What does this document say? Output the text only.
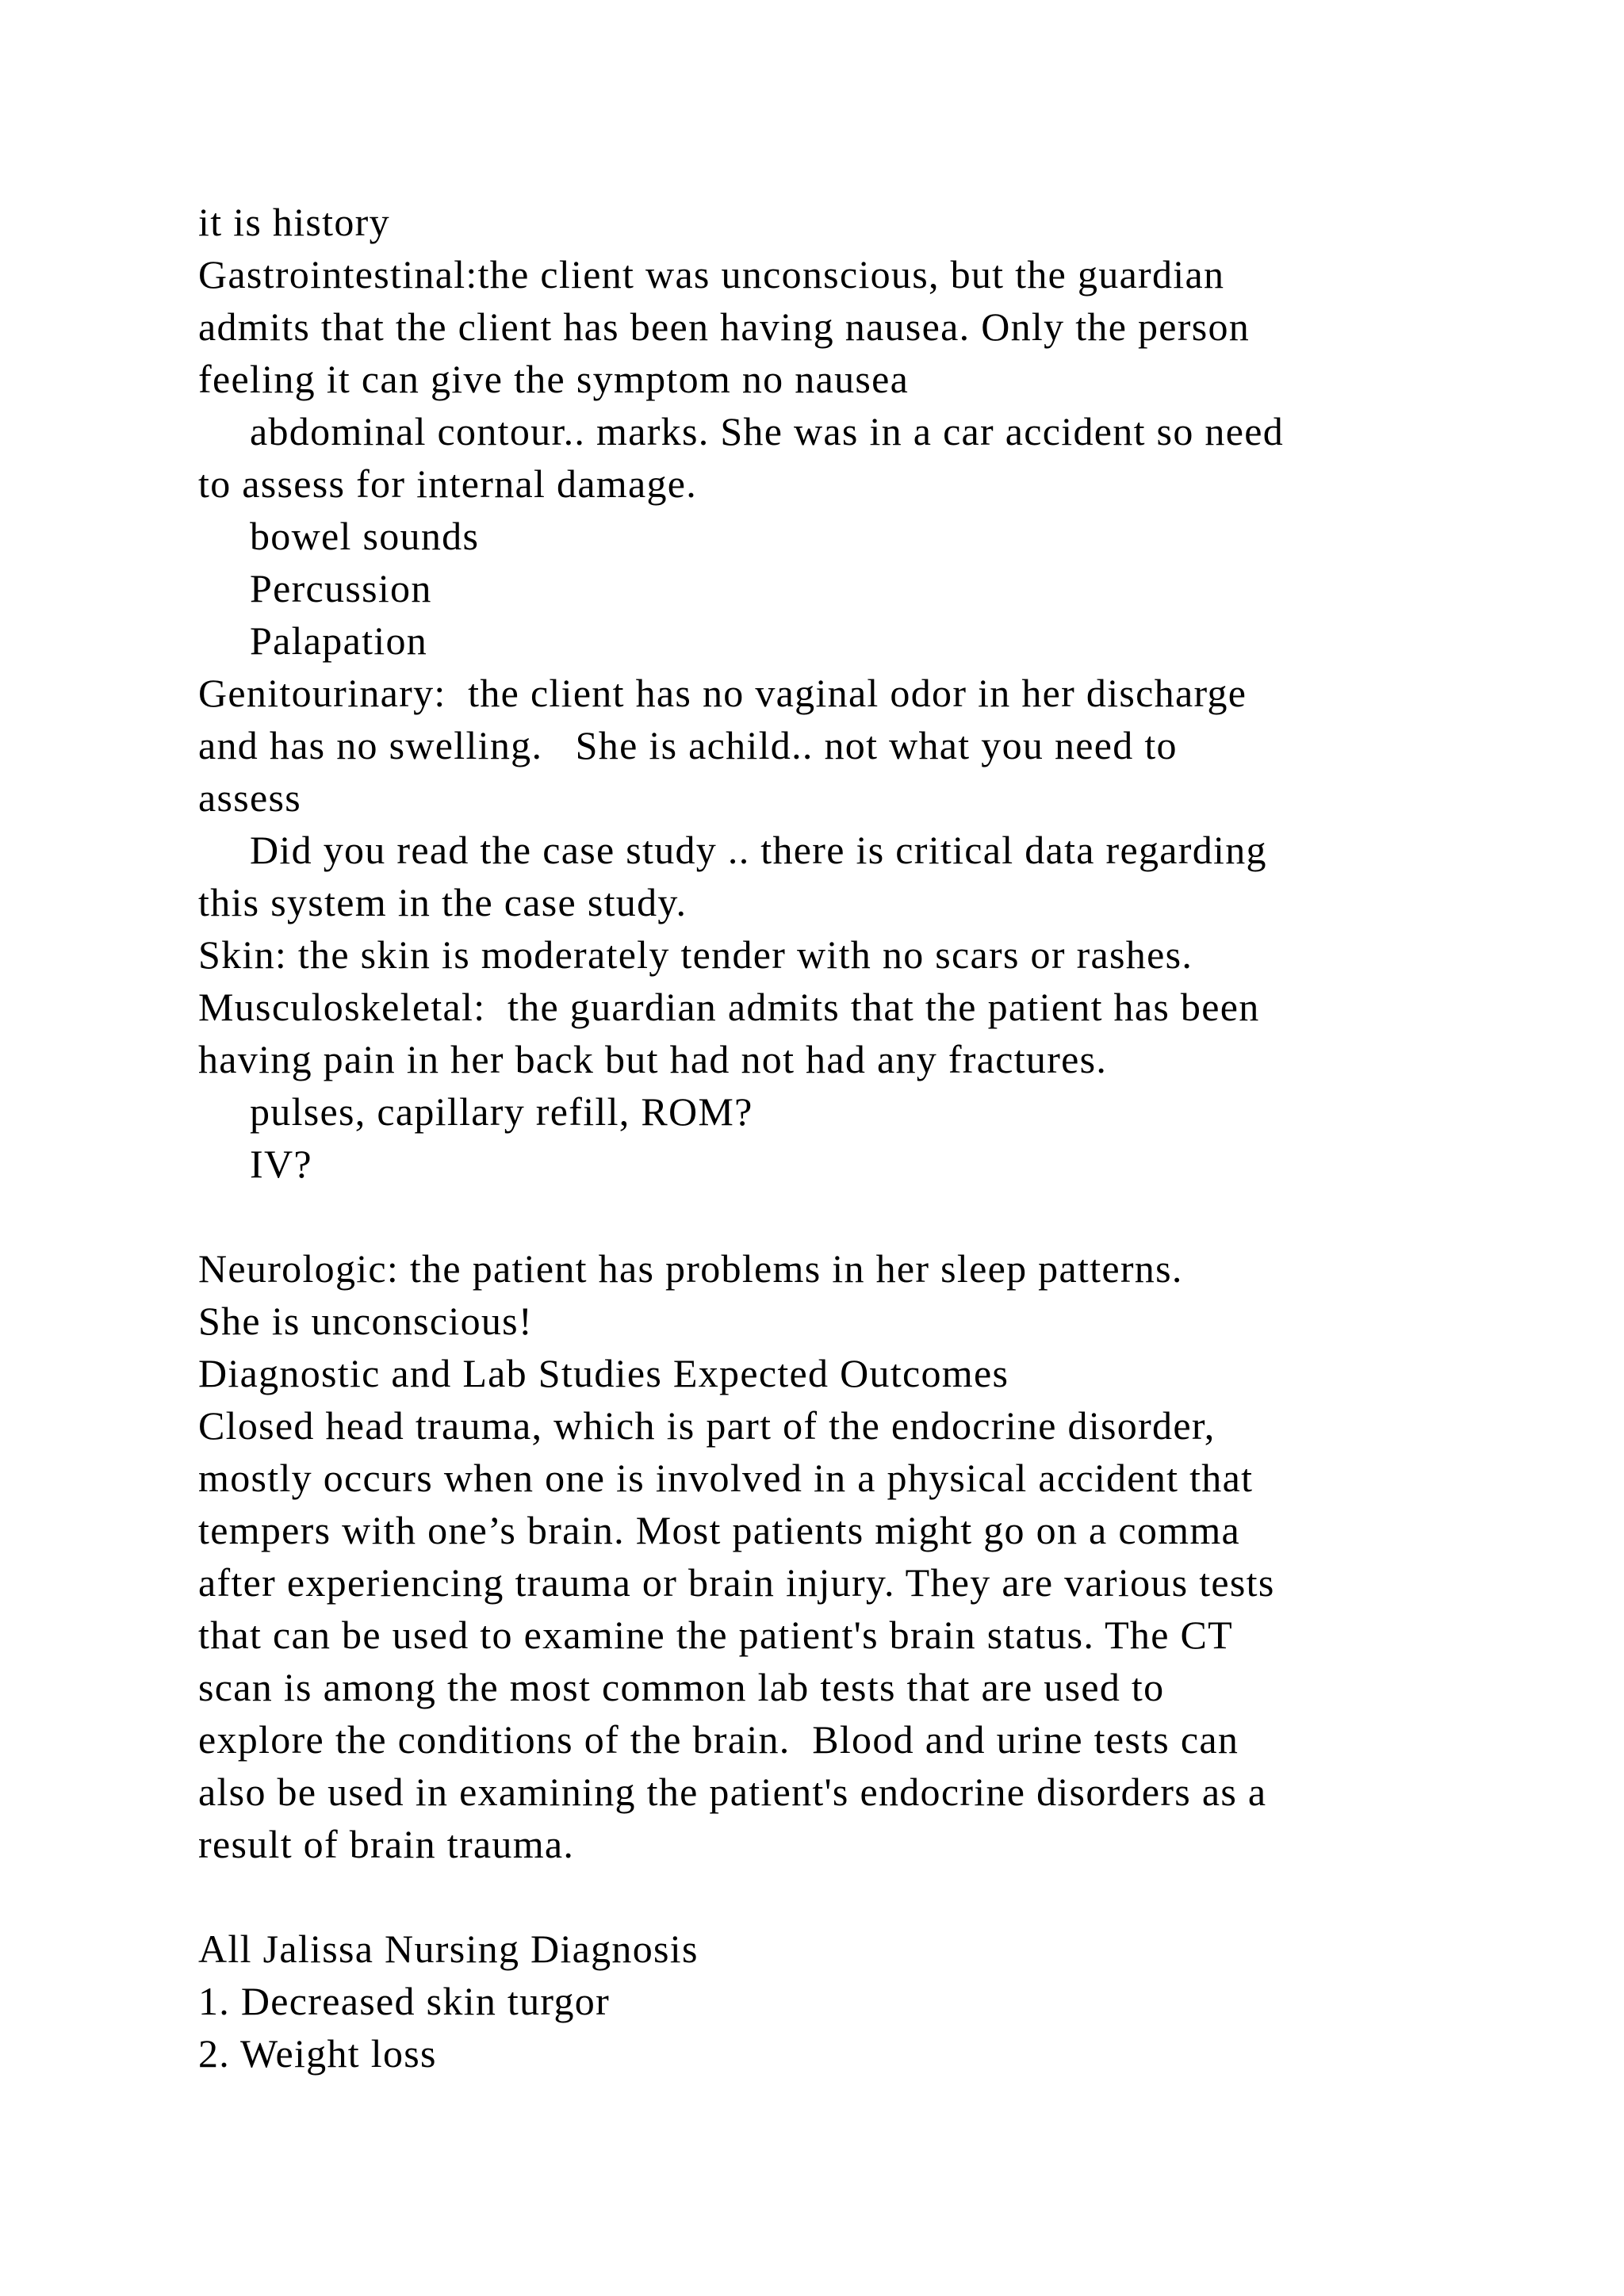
it is history
Gastrointestinal:the client was unconscious, but the guardian
admits that the client has been having nausea. Only the person
feeling it can give the symptom no nausea
abdominal contour.. marks. She was in a car accident so need
to assess for internal damage.
bowel sounds
Percussion
Palapation
Genitourinary:  the client has no vaginal odor in her discharge
and has no swelling.   She is achild.. not what you need to
assess
Did you read the case study .. there is critical data regarding
this system in the case study.
Skin: the skin is moderately tender with no scars or rashes.
Musculoskeletal:  the guardian admits that the patient has been
having pain in her back but had not had any fractures.
pulses, capillary refill, ROM?
IV?
Neurologic: the patient has problems in her sleep patterns.
She is unconscious!
Diagnostic and Lab Studies Expected Outcomes
Closed head trauma, which is part of the endocrine disorder,
mostly occurs when one is involved in a physical accident that
tempers with one’s brain. Most patients might go on a comma
after experiencing trauma or brain injury. They are various tests
that can be used to examine the patient's brain status. The CT
scan is among the most common lab tests that are used to
explore the conditions of the brain.  Blood and urine tests can
also be used in examining the patient's endocrine disorders as a
result of brain trauma.
All Jalissa Nursing Diagnosis
1. Decreased skin turgor
2. Weight loss
